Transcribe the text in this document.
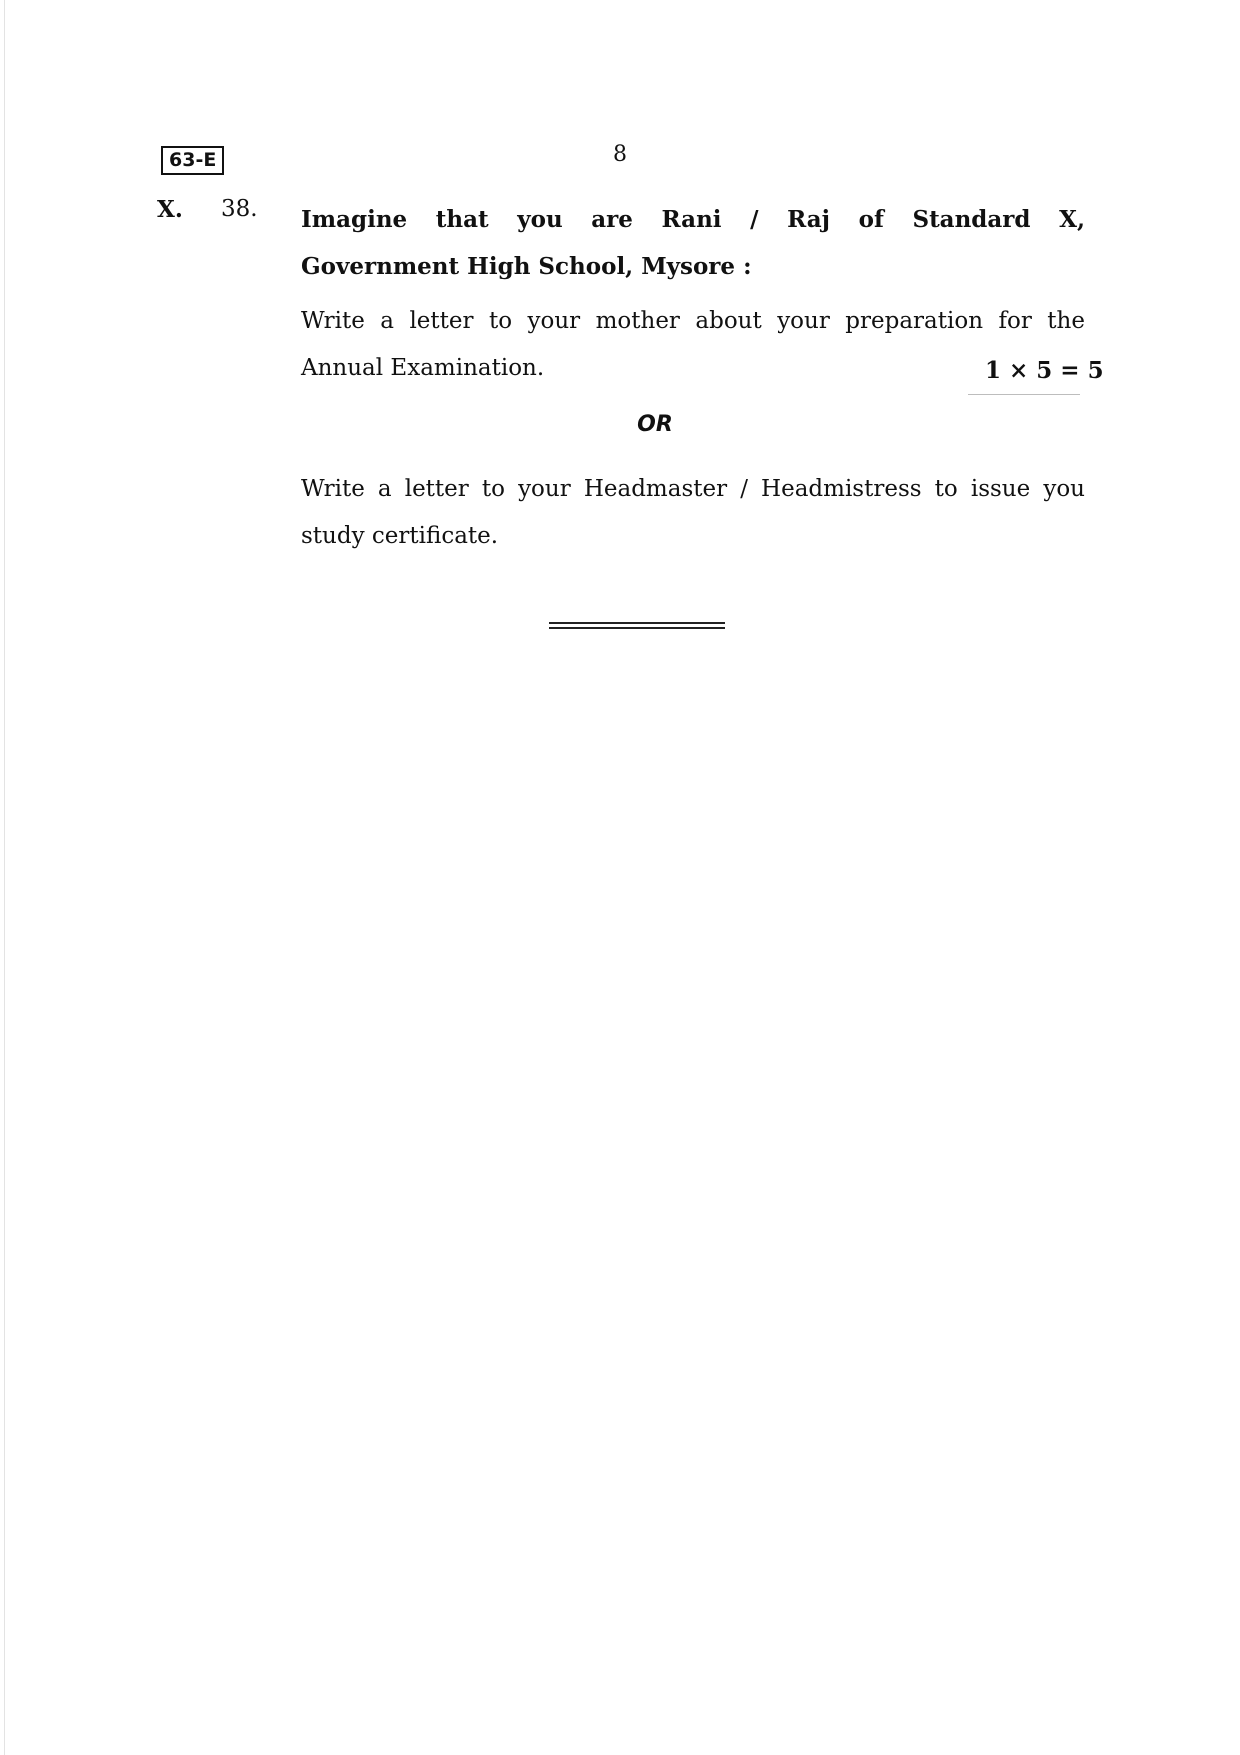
63-E	8
X. 38. Imagine that you are Rani / Raj of Standard X,
Government High School, Mysore :
Write a letter to your mother about your preparation for the
Annual Examination.	1 × 5 = 5
OR
Write a letter to your Headmaster / Headmistress to issue you
study certificate.
